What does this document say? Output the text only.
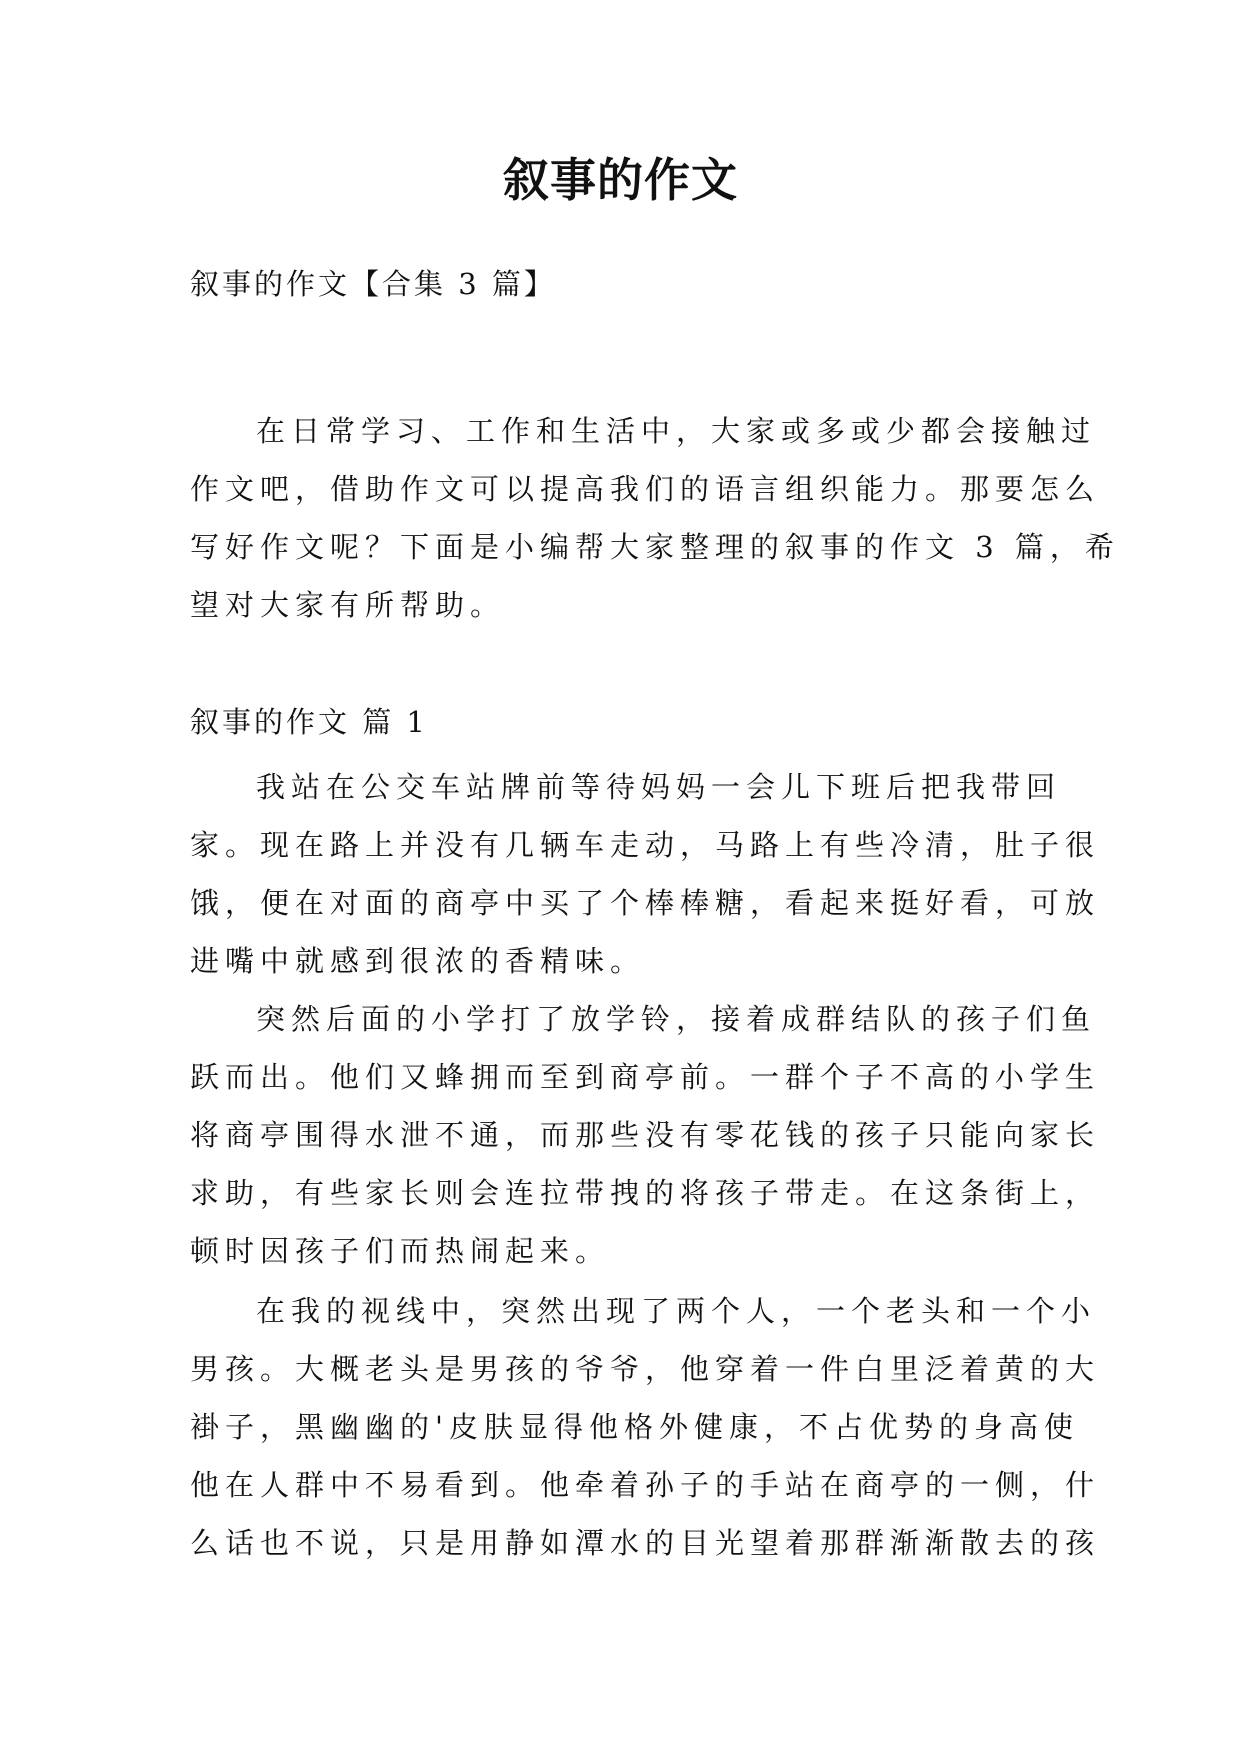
叙事的作文
叙事的作文【合集 3 篇】
在日常学习、工作和生活中，大家或多或少都会接触过
作文吧，借助作文可以提高我们的语言组织能力。那要怎么
写好作文呢？下面是小编帮大家整理的叙事的作文 3 篇，希
望对大家有所帮助。
叙事的作文 篇 1
我站在公交车站牌前等待妈妈一会儿下班后把我带回
家。现在路上并没有几辆车走动，马路上有些冷清，肚子很
饿，便在对面的商亭中买了个棒棒糖，看起来挺好看，可放
进嘴中就感到很浓的香精味。
突然后面的小学打了放学铃，接着成群结队的孩子们鱼
跃而出。他们又蜂拥而至到商亭前。一群个子不高的小学生
将商亭围得水泄不通，而那些没有零花钱的孩子只能向家长
求助，有些家长则会连拉带拽的将孩子带走。在这条街上，
顿时因孩子们而热闹起来。
在我的视线中，突然出现了两个人，一个老头和一个小
男孩。大概老头是男孩的爷爷，他穿着一件白里泛着黄的大
褂子，黑幽幽的'皮肤显得他格外健康，不占优势的身高使
他在人群中不易看到。他牵着孙子的手站在商亭的一侧，什
么话也不说，只是用静如潭水的目光望着那群渐渐散去的孩
